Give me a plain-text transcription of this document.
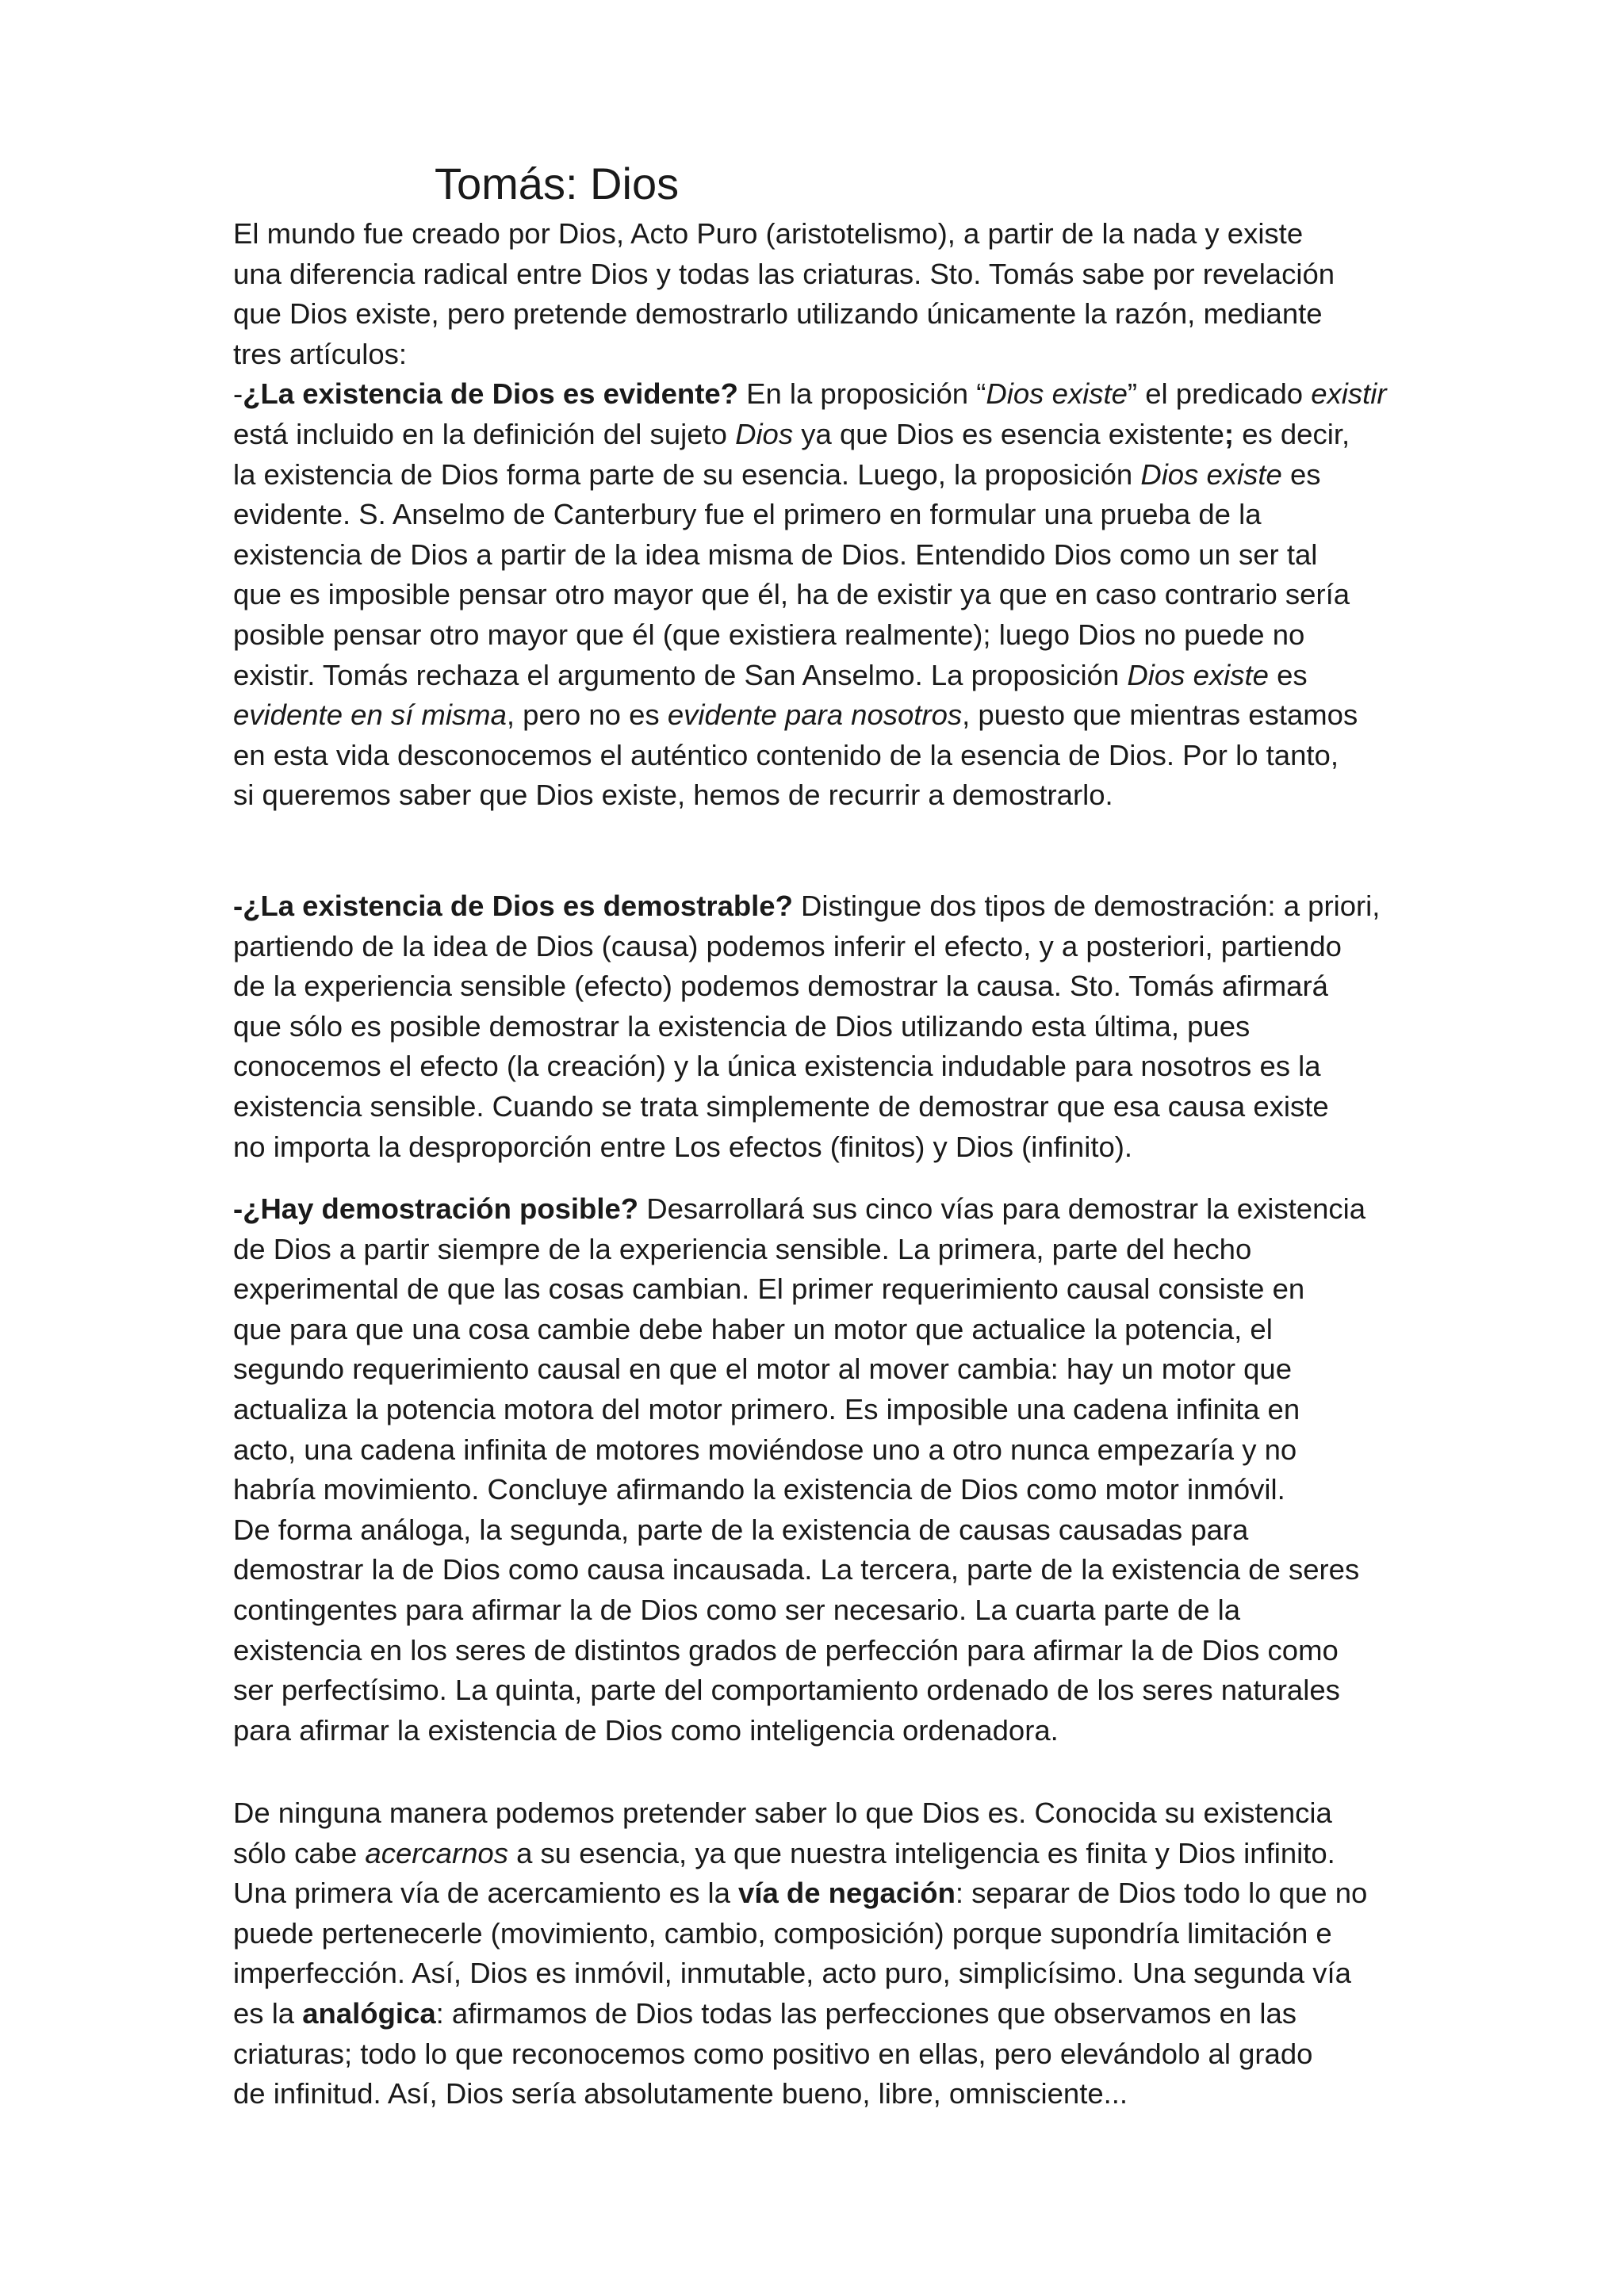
Tomás: Dios
El mundo fue creado por Dios, Acto Puro (aristotelismo), a partir de la nada y existe
una diferencia radical entre Dios y todas las criaturas. Sto. Tomás sabe por revelación
que Dios existe, pero pretende demostrarlo utilizando únicamente la razón, mediante
tres artículos:
-¿La existencia de Dios es evidente? En la proposición “Dios existe” el predicado existir
está incluido en la definición del sujeto Dios ya que Dios es esencia existente; es decir,
la existencia de Dios forma parte de su esencia. Luego, la proposición Dios existe es
evidente. S. Anselmo de Canterbury fue el primero en formular una prueba de la
existencia de Dios a partir de la idea misma de Dios. Entendido Dios como un ser tal
que es imposible pensar otro mayor que él, ha de existir ya que en caso contrario sería
posible pensar otro mayor que él (que existiera realmente); luego Dios no puede no
existir. Tomás rechaza el argumento de San Anselmo. La proposición Dios existe es
evidente en sí misma, pero no es evidente para nosotros, puesto que mientras estamos
en esta vida desconocemos el auténtico contenido de la esencia de Dios. Por lo tanto,
si queremos saber que Dios existe, hemos de recurrir a demostrarlo.
-¿La existencia de Dios es demostrable? Distingue dos tipos de demostración: a priori,
partiendo de la idea de Dios (causa) podemos inferir el efecto, y a posteriori, partiendo
de la experiencia sensible (efecto) podemos demostrar la causa. Sto. Tomás afirmará
que sólo es posible demostrar la existencia de Dios utilizando esta última, pues
conocemos el efecto (la creación) y la única existencia indudable para nosotros es la
existencia sensible. Cuando se trata simplemente de demostrar que esa causa existe
no importa la desproporción entre Los efectos (finitos) y Dios (infinito).
-¿Hay demostración posible? Desarrollará sus cinco vías para demostrar la existencia
de Dios a partir siempre de la experiencia sensible. La primera, parte del hecho
experimental de que las cosas cambian. El primer requerimiento causal consiste en
que para que una cosa cambie debe haber un motor que actualice la potencia, el
segundo requerimiento causal en que el motor al mover cambia: hay un motor que
actualiza la potencia motora del motor primero. Es imposible una cadena infinita en
acto, una cadena infinita de motores moviéndose uno a otro nunca empezaría y no
habría movimiento. Concluye afirmando la existencia de Dios como motor inmóvil.
De forma análoga, la segunda, parte de la existencia de causas causadas para
demostrar la de Dios como causa incausada. La tercera, parte de la existencia de seres
contingentes para afirmar la de Dios como ser necesario. La cuarta parte de la
existencia en los seres de distintos grados de perfección para afirmar la de Dios como
ser perfectísimo. La quinta, parte del comportamiento ordenado de los seres naturales
para afirmar la existencia de Dios como inteligencia ordenadora.
De ninguna manera podemos pretender saber lo que Dios es. Conocida su existencia
sólo cabe acercarnos a su esencia, ya que nuestra inteligencia es finita y Dios infinito.
Una primera vía de acercamiento es la vía de negación: separar de Dios todo lo que no
puede pertenecerle (movimiento, cambio, composición) porque supondría limitación e
imperfección. Así, Dios es inmóvil, inmutable, acto puro, simplicísimo. Una segunda vía
es la analógica: afirmamos de Dios todas las perfecciones que observamos en las
criaturas; todo lo que reconocemos como positivo en ellas, pero elevándolo al grado
de infinitud. Así, Dios sería absolutamente bueno, libre, omnisciente...
